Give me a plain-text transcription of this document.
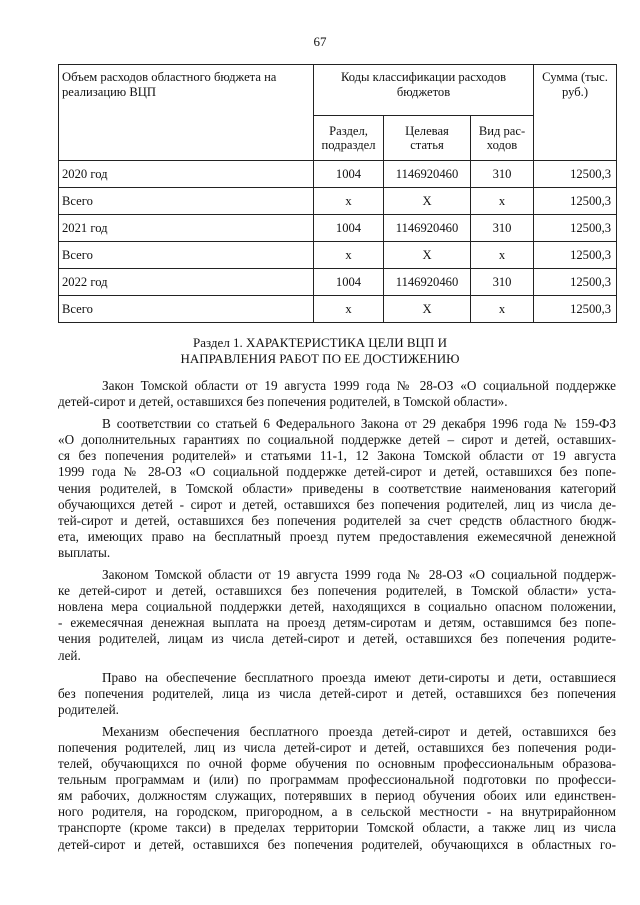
67
Объем расходов областного бюджета на реализацию ВЦП	Коды классификации расходов бюджетов			Сумма (тыс. руб.)
	Раздел, подраздел	Целевая статья	Вид рас-ходов	
2020 год	1004	1146920460	310	12500,3
Всего	х	Х	х	12500,3
2021 год	1004	1146920460	310	12500,3
Всего	х	Х	х	12500,3
2022 год	1004	1146920460	310	12500,3
Всего	х	Х	х	12500,3
Раздел 1. ХАРАКТЕРИСТИКА ЦЕЛИ ВЦП И
НАПРАВЛЕНИЯ РАБОТ ПО ЕЕ ДОСТИЖЕНИЮ

Закон Томской области от 19 августа 1999 года № 28-ОЗ «О социальной поддержке
детей-сирот и детей, оставшихся без попечения родителей, в Томской области».

В соответствии со статьей 6 Федерального Закона от 29 декабря 1996 года № 159-ФЗ
«О дополнительных гарантиях по социальной поддержке детей – сирот и детей, оставших-
ся без попечения родителей» и статьями 11-1, 12 Закона Томской области от 19 августа
1999 года № 28-ОЗ «О социальной поддержке детей-сирот и детей, оставшихся без попе-
чения родителей, в Томской области» приведены в соответствие наименования категорий
обучающихся детей - сирот и детей, оставшихся без попечения родителей, лиц из числа де-
тей-сирот и детей, оставшихся без попечения родителей за счет средств областного бюдж-
ета, имеющих право на бесплатный проезд путем предоставления ежемесячной денежной
выплаты.

Законом Томской области от 19 августа 1999 года № 28-ОЗ «О социальной поддерж-
ке детей-сирот и детей, оставшихся без попечения родителей, в Томской области» уста-
новлена мера социальной поддержки детей, находящихся в социально опасном положении,
- ежемесячная денежная выплата на проезд детям-сиротам и детям, оставшимся без попе-
чения родителей, лицам из числа детей-сирот и детей, оставшихся без попечения родите-
лей.

Право на обеспечение бесплатного проезда имеют дети-сироты и дети, оставшиеся
без попечения родителей, лица из числа детей-сирот и детей, оставшихся без попечения
родителей.

Механизм обеспечения бесплатного проезда детей-сирот и детей, оставшихся без
попечения родителей, лиц из числа детей-сирот и детей, оставшихся без попечения роди-
телей, обучающихся по очной форме обучения по основным профессиональным образова-
тельным программам и (или) по программам профессиональной подготовки по професси-
ям рабочих, должностям служащих, потерявших в период обучения обоих или единствен-
ного родителя, на городском, пригородном, а в сельской местности - на внутрирайонном
транспорте (кроме такси) в пределах территории Томской области, а также лиц из числа
детей-сирот и детей, оставшихся без попечения родителей, обучающихся в областных го-
